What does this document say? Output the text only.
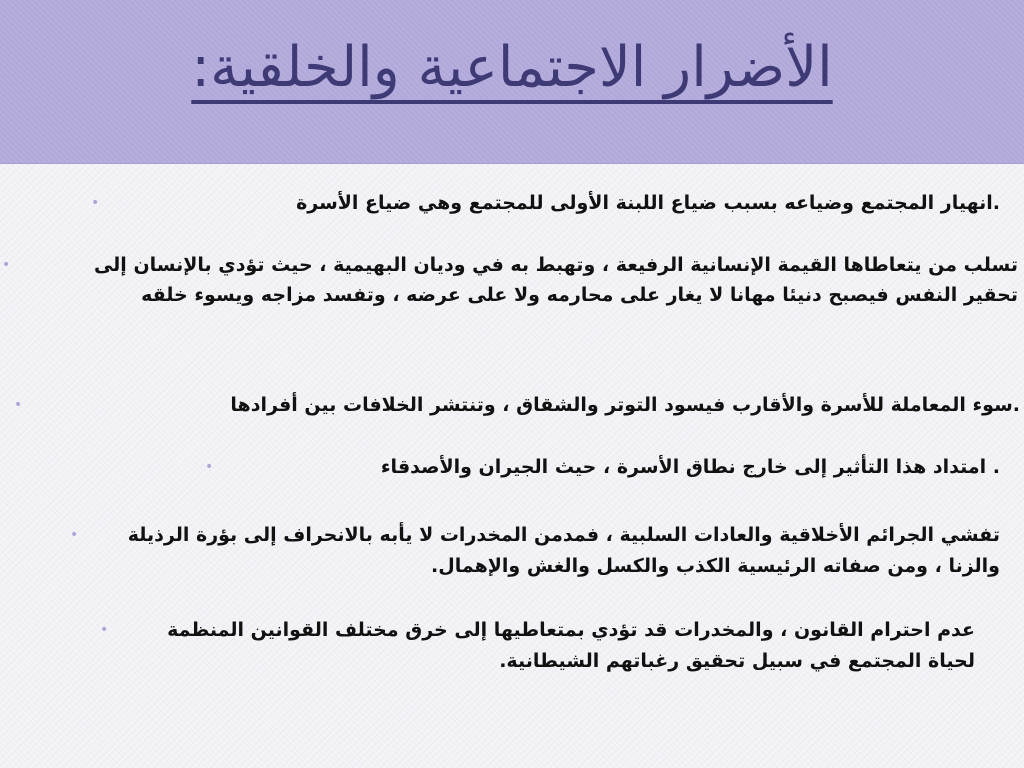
الأضرار الاجتماعية والخلقية:
.انهيار المجتمع وضياعه بسبب ضياع اللبنة الأولى للمجتمع وهي ضياع الأسرة
•
تسلب من يتعاطاها القيمة الإنسانية الرفيعة ، وتهبط به في وديان البهيمية ، حيث تؤدي بالإنسان إلى تحقير النفس فيصبح دنيئا مهانا لا يغار على محارمه ولا على عرضه ، وتفسد مزاجه ويسوء خلقه
•
.سوء المعاملة للأسرة والأقارب فيسود التوتر والشقاق ، وتنتشر الخلافات بين أفرادها
•
. امتداد هذا التأثير إلى خارج نطاق الأسرة ، حيث الجيران والأصدقاء
•
تفشي الجرائم الأخلاقية والعادات السلبية ، فمدمن المخدرات لا يأبه بالانحراف إلى بؤرة الرذيلة والزنا ، ومن صفاته الرئيسية الكذب والكسل والغش والإهمال.
•
عدم احترام القانون ، والمخدرات قد تؤدي بمتعاطيها إلى خرق مختلف القوانين المنظمة لحياة المجتمع في سبيل تحقيق رغباتهم الشيطانية.
•
